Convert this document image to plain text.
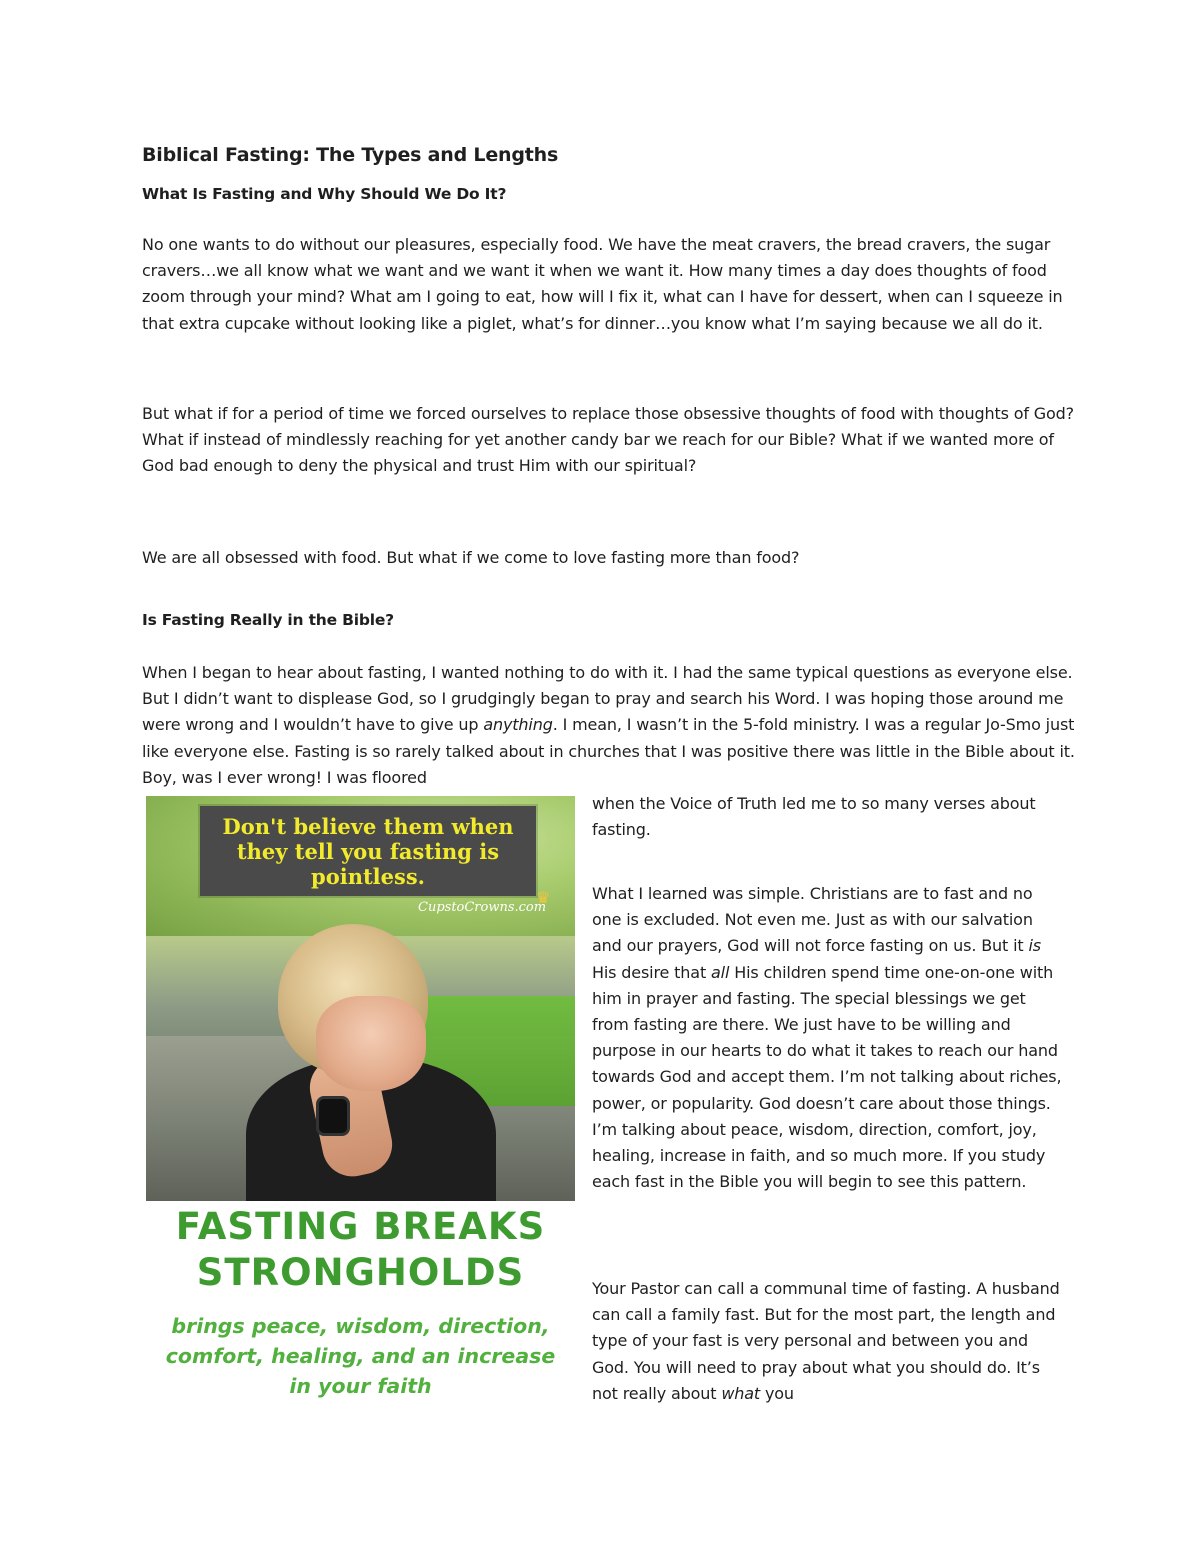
Biblical Fasting: The Types and Lengths
What Is Fasting and Why Should We Do It?
No one wants to do without our pleasures, especially food. We have the meat cravers, the bread cravers, the sugar cravers…we all know what we want and we want it when we want it. How many times a day does thoughts of food zoom through your mind? What am I going to eat, how will I fix it, what can I have for dessert, when can I squeeze in that extra cupcake without looking like a piglet, what’s for dinner…you know what I’m saying because we all do it.
But what if for a period of time we forced ourselves to replace those obsessive thoughts of food with thoughts of God? What if instead of mindlessly reaching for yet another candy bar we reach for our Bible? What if we wanted more of God bad enough to deny the physical and trust Him with our spiritual?
We are all obsessed with food. But what if we come to love fasting more than food?
Is Fasting Really in the Bible?
When I began to hear about fasting, I wanted nothing to do with it. I had the same typical questions as everyone else. But I didn’t want to displease God, so I grudgingly began to pray and search his Word. I was hoping those around me were wrong and I wouldn’t have to give up anything. I mean, I wasn’t in the 5-fold ministry. I was a regular Jo-Smo just like everyone else. Fasting is so rarely talked about in churches that I was positive there was little in the Bible about it. Boy, was I ever wrong! I was floored
Don't believe them when they tell you fasting is pointless.
CupstoCrowns.com
♛
FASTING BREAKS
STRONGHOLDS
brings peace, wisdom, direction, comfort, healing, and an increase in your faith
when the Voice of Truth led me to so many verses about fasting.
What I learned was simple. Christians are to fast and no one is excluded. Not even me. Just as with our salvation and our prayers, God will not force fasting on us. But it is His desire that all His children spend time one-on-one with him in prayer and fasting. The special blessings we get from fasting are there. We just have to be willing and purpose in our hearts to do what it takes to reach our hand towards God and accept them. I’m not talking about riches, power, or popularity. God doesn’t care about those things. I’m talking about peace, wisdom, direction, comfort, joy, healing, increase in faith, and so much more. If you study each fast in the Bible you will begin to see this pattern.
Your Pastor can call a communal time of fasting. A husband can call a family fast. But for the most part, the length and type of your fast is very personal and between you and God. You will need to pray about what you should do. It’s not really about what you
